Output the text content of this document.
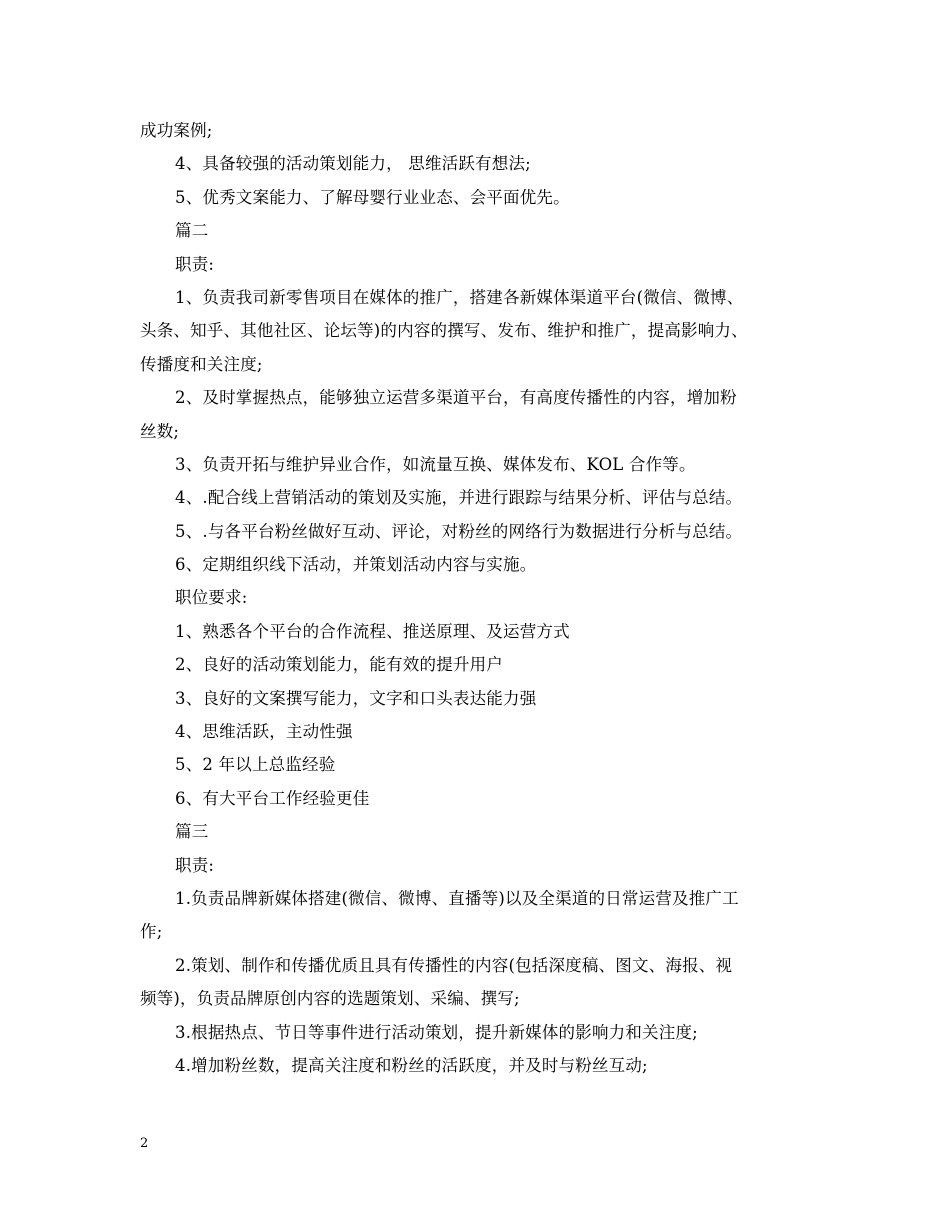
成功案例;
4、具备较强的活动策划能力， 思维活跃有想法;
5、优秀文案能力、了解母婴行业业态、会平面优先。
篇二
职责:
1、负责我司新零售项目在媒体的推广，搭建各新媒体渠道平台(微信、微博、
头条、知乎、其他社区、论坛等)的内容的撰写、发布、维护和推广，提高影响力、
传播度和关注度;
2、及时掌握热点，能够独立运营多渠道平台，有高度传播性的内容，增加粉
丝数;
3、负责开拓与维护异业合作，如流量互换、媒体发布、KOL 合作等。
4、.配合线上营销活动的策划及实施，并进行跟踪与结果分析、评估与总结。
5、.与各平台粉丝做好互动、评论，对粉丝的网络行为数据进行分析与总结。
6、定期组织线下活动，并策划活动内容与实施。
职位要求:
1、熟悉各个平台的合作流程、推送原理、及运营方式
2、良好的活动策划能力，能有效的提升用户
3、良好的文案撰写能力，文字和口头表达能力强
4、思维活跃，主动性强
5、2 年以上总监经验
6、有大平台工作经验更佳
篇三
职责:
1.负责品牌新媒体搭建(微信、微博、直播等)以及全渠道的日常运营及推广工
作;
2.策划、制作和传播优质且具有传播性的内容(包括深度稿、图文、海报、视
频等)，负责品牌原创内容的选题策划、采编、撰写;
3.根据热点、节日等事件进行活动策划，提升新媒体的影响力和关注度;
4.增加粉丝数，提高关注度和粉丝的活跃度，并及时与粉丝互动;
2
